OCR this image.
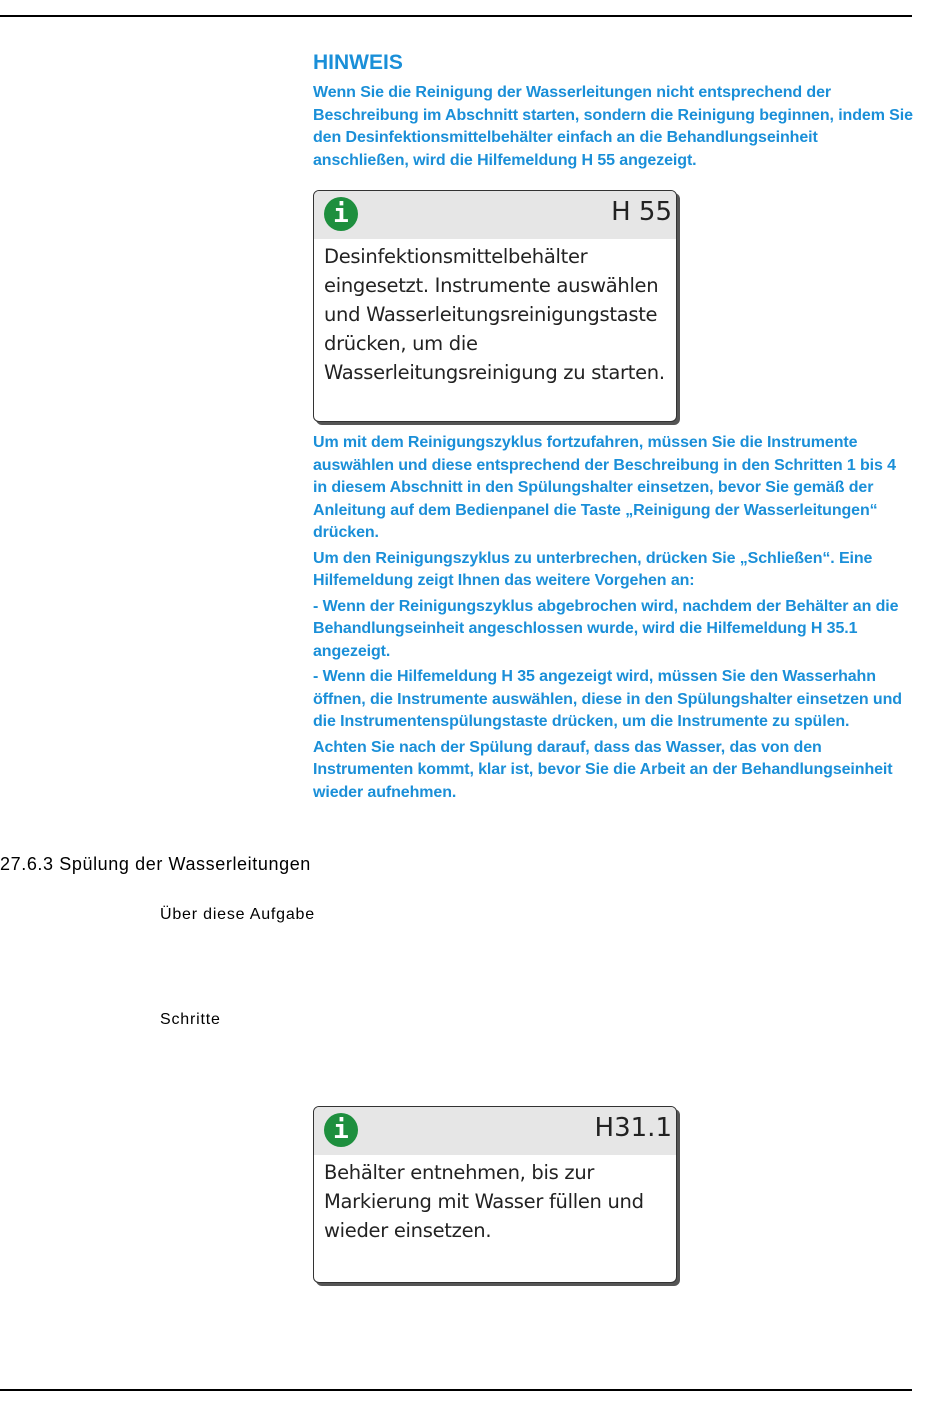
HINWEIS

Wenn Sie die Reinigung der Wasserleitungen nicht entsprechend der Beschreibung im Abschnitt starten, sondern die Reinigung beginnen, indem Sie den Desinfektionsmittelbehälter einfach an die Behandlungseinheit anschließen, wird die Hilfemeldung H 55 angezeigt.

i	H 55
Desinfektionsmittelbehälter eingesetzt. Instrumente auswählen und Wasserleitungsreinigungstaste drücken, um die Wasserleitungsreinigung zu starten.

Um mit dem Reinigungszyklus fortzufahren, müssen Sie die Instrumente auswählen und diese entsprechend der Beschreibung in den Schritten 1 bis 4 in diesem Abschnitt in den Spülungshalter einsetzen, bevor Sie gemäß der Anleitung auf dem Bedienpanel die Taste „Reinigung der Wasserleitungen“ drücken.

Um den Reinigungszyklus zu unterbrechen, drücken Sie „Schließen“. Eine Hilfemeldung zeigt Ihnen das weitere Vorgehen an:

- Wenn der Reinigungszyklus abgebrochen wird, nachdem der Behälter an die Behandlungseinheit angeschlossen wurde, wird die Hilfemeldung H 35.1 angezeigt.

- Wenn die Hilfemeldung H 35 angezeigt wird, müssen Sie den Wasserhahn öffnen, die Instrumente auswählen, diese in den Spülungshalter einsetzen und die Instrumentenspülungstaste drücken, um die Instrumente zu spülen.

Achten Sie nach der Spülung darauf, dass das Wasser, das von den Instrumenten kommt, klar ist, bevor Sie die Arbeit an der Behandlungseinheit wieder aufnehmen.

27.6.3 Spülung der Wasserleitungen
Über diese Aufgabe
Schritte
i	H31.1
Behälter entnehmen, bis zur Markierung mit Wasser füllen und wieder einsetzen.
